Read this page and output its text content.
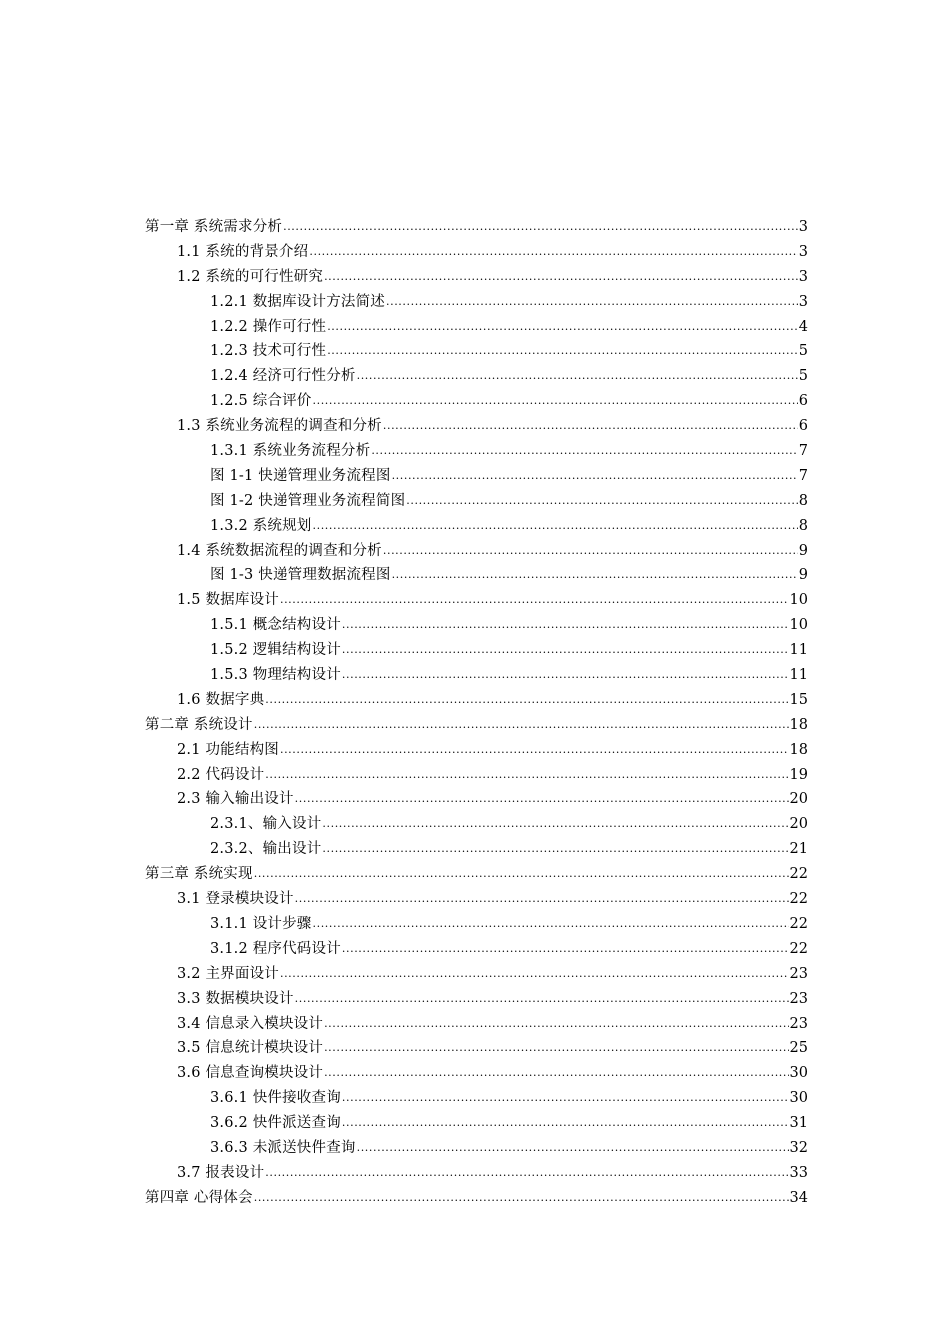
第一章 系统需求分析 .....	3
1.1 系统的背景介绍 .....	3
1.2 系统的可行性研究 .....	3
1.2.1 数据库设计方法简述 .....	3
1.2.2 操作可行性 .....	4
1.2.3 技术可行性 .....	5
1.2.4 经济可行性分析 .....	5
1.2.5 综合评价 .....	6
1.3 系统业务流程的调查和分析 .....	6
1.3.1 系统业务流程分析 .....	7
图 1-1 快递管理业务流程图 .....	7
图 1-2 快递管理业务流程简图 .....	8
1.3.2 系统规划 .....	8
1.4 系统数据流程的调查和分析 .....	9
图 1-3 快递管理数据流程图 .....	9
1.5 数据库设计 .....	10
1.5.1 概念结构设计 .....	10
1.5.2 逻辑结构设计 .....	11
1.5.3 物理结构设计 .....	11
1.6 数据字典 .....	15
第二章 系统设计 .....	18
2.1 功能结构图 .....	18
2.2 代码设计 .....	19
2.3 输入输出设计 .....	20
2.3.1、输入设计 .....	20
2.3.2、输出设计 .....	21
第三章 系统实现 .....	22
3.1 登录模块设计 .....	22
3.1.1 设计步骤 .....	22
3.1.2 程序代码设计 .....	22
3.2 主界面设计 .....	23
3.3 数据模块设计 .....	23
3.4 信息录入模块设计 .....	23
3.5 信息统计模块设计 .....	25
3.6 信息查询模块设计 .....	30
3.6.1 快件接收查询 .....	30
3.6.2 快件派送查询 .....	31
3.6.3 未派送快件查询 .....	32
3.7 报表设计 .....	33
第四章 心得体会 .....	34
